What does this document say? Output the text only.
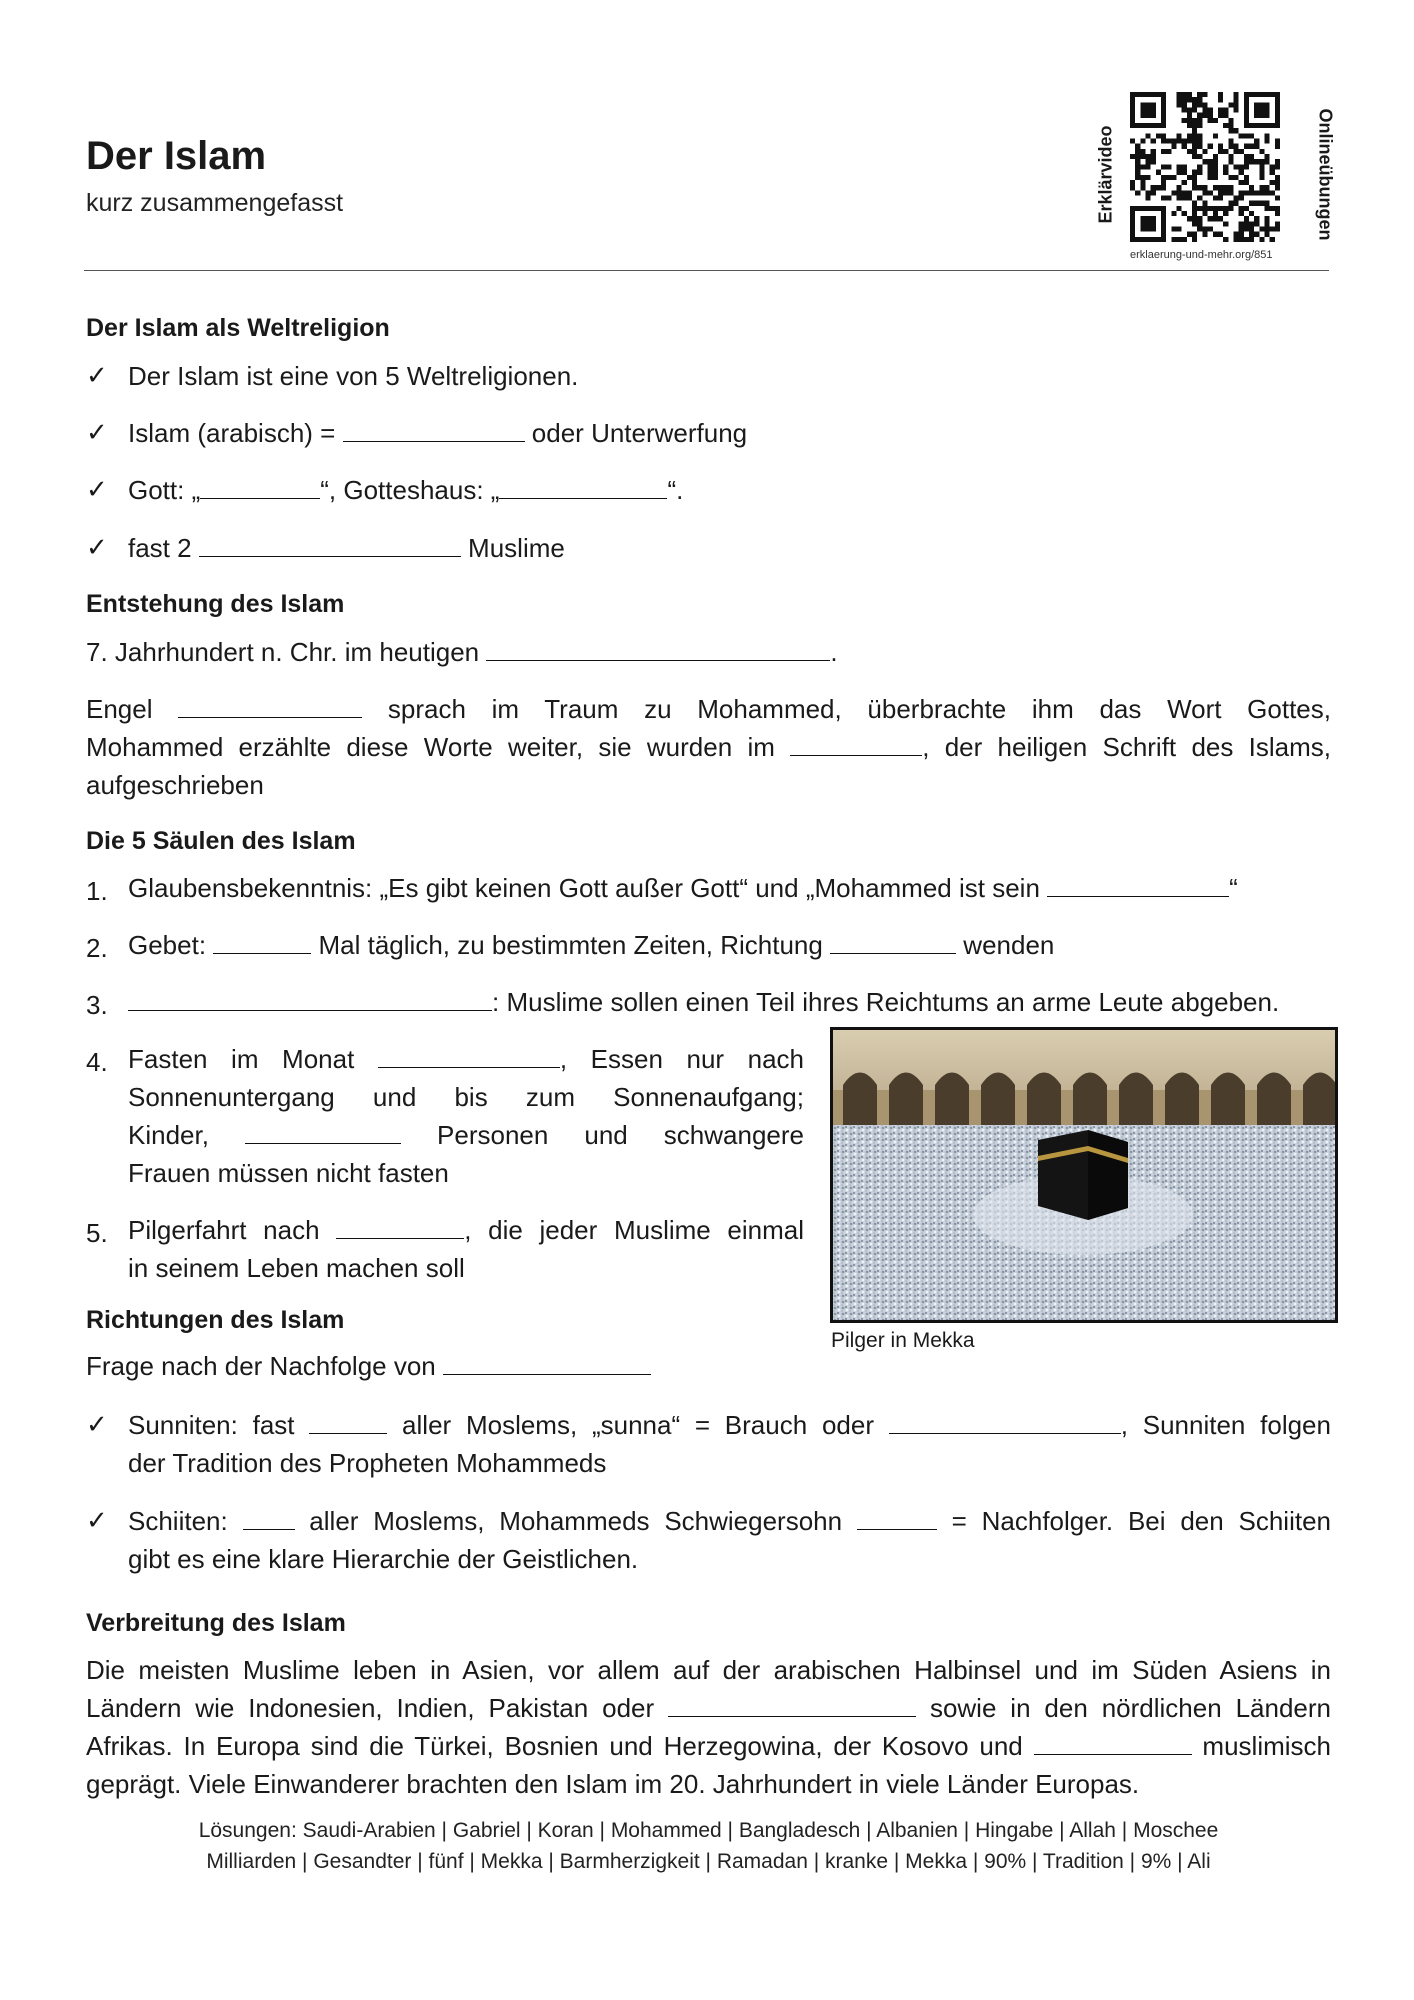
Der Islam
kurz zusammengefasst	Erklärvideo	Onlineübungen
erklaerung-und-mehr.org/851
Der Islam als Weltreligion
✓ Der Islam ist eine von 5 Weltreligionen.
✓ Islam (arabisch) =	oder Unterwerfung
✓ Gott: „	“, Gotteshaus: „	“.
✓ fast 2	Muslime
Entstehung des Islam
7. Jahrhundert n. Chr. im heutigen	.
Engel	sprach im Traum zu Mohammed, überbrachte ihm das Wort Gottes,
Mohammed erzählte diese Worte weiter, sie wurden im	, der heiligen Schrift des Islams,
aufgeschrieben
Die 5 Säulen des Islam
1. Glaubensbekenntnis: „Es gibt keinen Gott außer Gott“ und „Mohammed ist sein	“
2. Gebet:	Mal täglich, zu bestimmten Zeiten, Richtung	wenden
3.	: Muslime sollen einen Teil ihres Reichtums an arme Leute abgeben.
4. Fasten im Monat	, Essen nur nach
Sonnenuntergang und bis zum Sonnenaufgang;
Kinder,	Personen und schwangere
Frauen müssen nicht fasten
5. Pilgerfahrt nach	, die jeder Muslime einmal
in seinem Leben machen soll
Pilger in Mekka
Richtungen des Islam
Frage nach der Nachfolge von
✓ Sunniten: fast	aller Moslems, „sunna“ = Brauch oder	, Sunniten folgen
der Tradition des Propheten Mohammeds
✓ Schiiten:  aller Moslems, Mohammeds Schwiegersohn	= Nachfolger. Bei den Schiiten
gibt es eine klare Hierarchie der Geistlichen.
Verbreitung des Islam
Die meisten Muslime leben in Asien, vor allem auf der arabischen Halbinsel und im Süden Asiens in
Ländern wie Indonesien, Indien, Pakistan oder	sowie in den nördlichen Ländern
Afrikas. In Europa sind die Türkei, Bosnien und Herzegowina, der Kosovo und	muslimisch
geprägt. Viele Einwanderer brachten den Islam im 20. Jahrhundert in viele Länder Europas.
Lösungen: Saudi-Arabien | Gabriel | Koran | Mohammed | Bangladesch | Albanien | Hingabe | Allah | Moschee
Milliarden | Gesandter | fünf | Mekka | Barmherzigkeit | Ramadan | kranke | Mekka | 90% | Tradition | 9% | Ali
